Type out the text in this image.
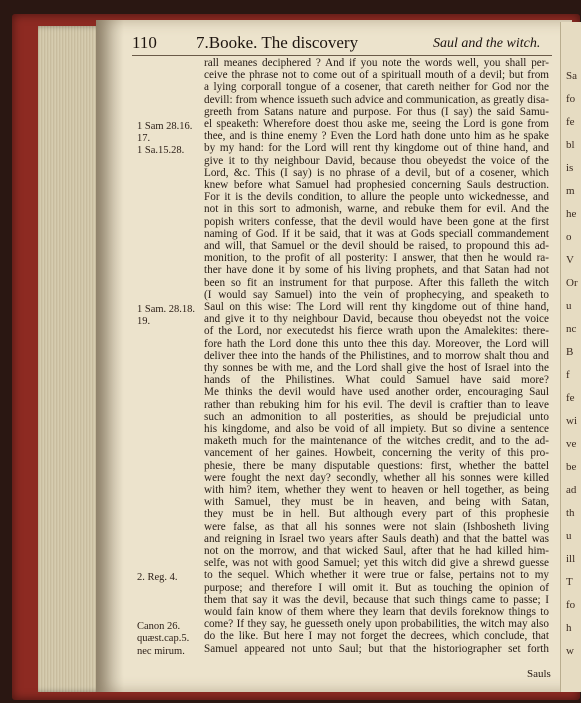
Sa
fo
fe
bl
is
m
he
o
V
Or
u
nc
B
f
fe
wi
ve
be
ad
th
u
ill
T
fo
h
w
110 7.Booke. The discovery	Saul and the witch.
rall meanes deciphered ? And if you note the words well, you shall per-
ceive the phrase not to come out of a spirituall mouth of a devil; but from
a lying corporall tongue of a cosener, that careth neither for God nor the
devill: from whence issueth such advice and communication, as greatly disa-
greeth from Satans nature and purpose. For thus (I say) the said Samu-
el speaketh: Wherefore doest thou aske me, seeing the Lord is gone from
thee, and is thine enemy ? Even the Lord hath done unto him as he spake
by my hand: for the Lord will rent thy kingdome out of thine hand, and
give it to thy neighbour David, because thou obeyedst the voice of the
Lord, &c. This (I say) is no phrase of a devil, but of a cosener, which
knew before what Samuel had prophesied concerning Sauls destruction.
For it is the devils condition, to allure the people unto wickednesse, and
not in this sort to admonish, warne, and rebuke them for evil. And the
popish writers confesse, that the devil would have been gone at the first
naming of God. If it be said, that it was at Gods speciall commandement
and will, that Samuel or the devil should be raised, to propound this ad-
monition, to the profit of all posterity: I answer, that then he would ra-
ther have done it by some of his living prophets, and that Satan had not
been so fit an instrument for that purpose. After this falleth the witch
(I would say Samuel) into the vein of prophecying, and speaketh to
Saul on this wise: The Lord will rent thy kingdome out of thine hand,
and give it to thy neighbour David, because thou obeyedst not the voice
of the Lord, nor executedst his fierce wrath upon the Amalekites: there-
fore hath the Lord done this unto thee this day. Moreover, the Lord will
deliver thee into the hands of the Philistines, and to morrow shalt thou and
thy sonnes be with me, and the Lord shall give the host of Israel into the
hands of the Philistines. What could Samuel have said more?
Me thinks the devil would have used another order, encouraging Saul
rather than rebuking him for his evil. The devil is craftier than to leave
such an admonition to all posterities, as should be prejudicial unto
his kingdome, and also be void of all impiety. But so divine a sentence
maketh much for the maintenance of the witches credit, and to the ad-
vancement of her gaines. Howbeit, concerning the verity of this pro-
phesie, there be many disputable questions: first, whether the battel
were fought the next day? secondly, whether all his sonnes were killed
with him? item, whether they went to heaven or hell together, as being
with Samuel, they must be in heaven, and being with Satan,
they must be in hell. But although every part of this prophesie
were false, as that all his sonnes were not slain (Ishbosheth living
and reigning in Israel two years after Sauls death) and that the battel was
not on the morrow, and that wicked Saul, after that he had killed him-
selfe, was not with good Samuel; yet this witch did give a shrewd guesse
to the sequel. Which whether it were true or false, pertains not to my
purpose; and therefore I will omit it. But as touching the opinion of
them that say it was the devil, because that such things came to passe; I
would fain know of them where they learn that devils foreknow things to
come? If they say, he guesseth onely upon probabilities, the witch may also
do the like. But here I may not forget the decrees, which conclude, that
Samuel appeared not unto Saul; but that the historiographer set forth
1 Sam 28.16.
17.
1 Sa.15.28.
1 Sam. 28.18.
19.
2. Reg. 4.
Canon 26.
quæst.cap.5.
nec mirum.
Sauls
